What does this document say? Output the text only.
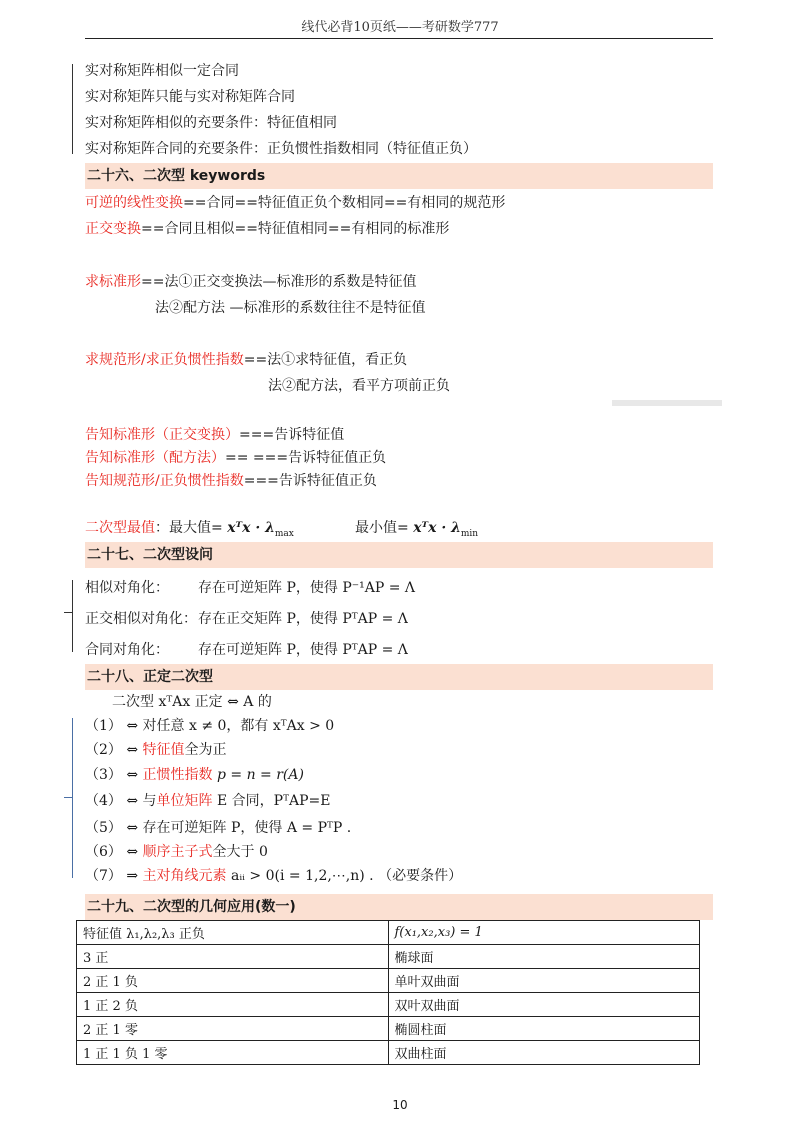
线代必背10页纸——考研数学777
实对称矩阵相似一定合同
实对称矩阵只能与实对称矩阵合同
实对称矩阵相似的充要条件：特征值相同
实对称矩阵合同的充要条件：正负惯性指数相同（特征值正负）
二十六、二次型 keywords
可逆的线性变换==合同==特征值正负个数相同==有相同的规范形
正交变换==合同且相似==特征值相同==有相同的标准形
求标准形==法①正交变换法—标准形的系数是特征值
法②配方法 —标准形的系数往往不是特征值
求规范形/求正负惯性指数==法①求特征值，看正负
法②配方法，看平方项前正负
告知标准形（正交变换）===告诉特征值
告知标准形（配方法）== ===告诉特征值正负
告知规范形/正负惯性指数===告诉特征值正负
二次型最值：最大值= xᵀx · $\lambda_{max}$	最小值= xᵀx · $\lambda_{min}$
二十七、二次型设问
相似对角化： 存在可逆矩阵 P，使得 P⁻¹AP = Λ
正交相似对角化： 存在正交矩阵 P，使得 PᵀAP = Λ
合同对角化： 存在可逆矩阵 P，使得 PᵀAP = Λ
二十八、正定二次型
二次型 xᵀAx 正定 ⇔ A 的
（1） ⇔ 对任意 x ≠ 0，都有 xᵀAx > 0
（2） ⇔ 特征值全为正
（3） ⇔ 正惯性指数 p = n = r(A)
（4） ⇔ 与单位矩阵 E 合同，PᵀAP=E
（5） ⇔ 存在可逆矩阵 P，使得 A = PᵀP .
（6） ⇔ 顺序主子式全大于 0
（7） ⇒ 主对角线元素 aᵢᵢ > 0(i = 1,2,⋯,n) . （必要条件）
二十九、二次型的几何应用(数一)
特征值 λ₁,λ₂,λ₃ 正负	f(x₁,x₂,x₃) = 1
3 正	椭球面
2 正 1 负	单叶双曲面
1 正 2 负	双叶双曲面
2 正 1 零	椭圆柱面
1 正 1 负 1 零	双曲柱面
10
